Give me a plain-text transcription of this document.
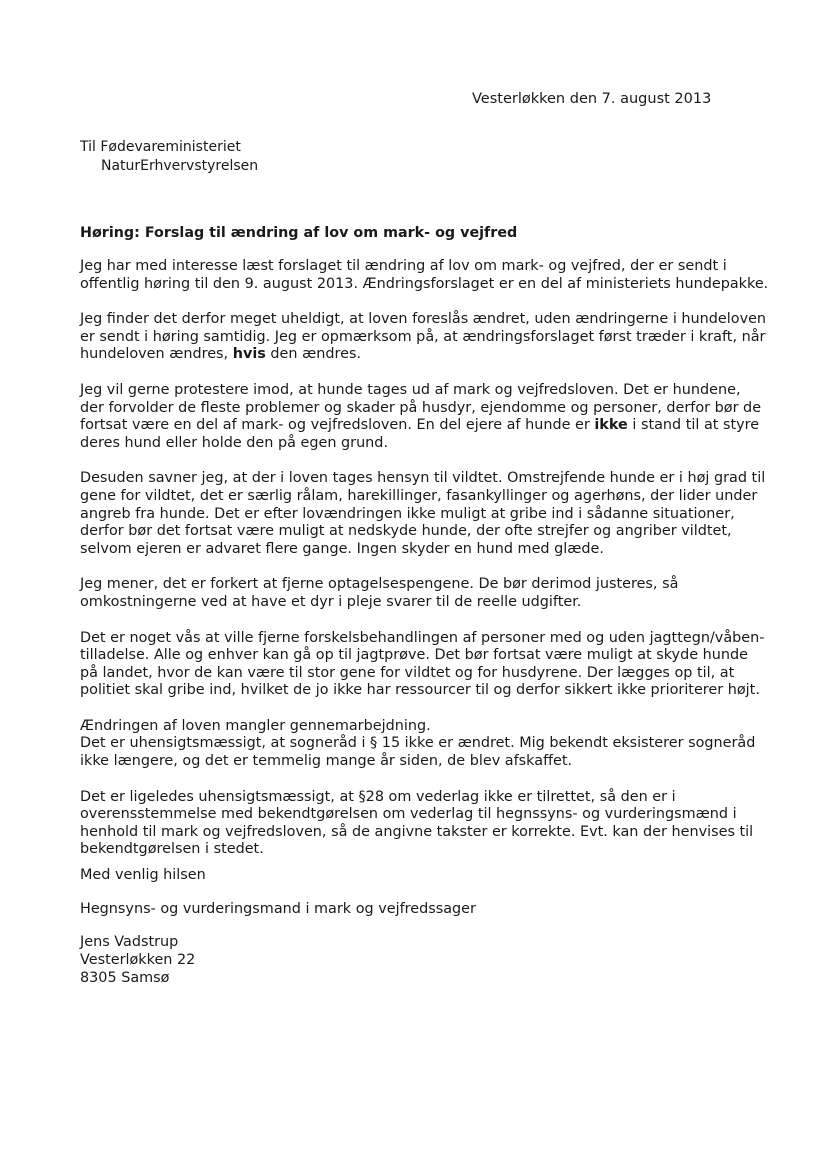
Vesterløkken den 7. august 2013
Til Fødevareministeriet
NaturErhvervstyrelsen
Høring: Forslag til ændring af lov om mark- og vejfred

Jeg har med interesse læst forslaget til ændring af lov om mark- og vejfred, der er sendt i
offentlig høring til den 9. august 2013. Ændringsforslaget er en del af ministeriets hundepakke.

Jeg finder det derfor meget uheldigt, at loven foreslås ændret, uden ændringerne i hundeloven
er sendt i høring samtidig. Jeg er opmærksom på, at ændringsforslaget først træder i kraft, når
hundeloven ændres, hvis den ændres.

Jeg vil gerne protestere imod, at hunde tages ud af mark og vejfredsloven. Det er hundene,
der forvolder de fleste problemer og skader på husdyr, ejendomme og personer, derfor bør de
fortsat være en del af mark- og vejfredsloven. En del ejere af hunde er ikke i stand til at styre
deres hund eller holde den på egen grund.

Desuden savner jeg, at der i loven tages hensyn til vildtet. Omstrejfende hunde er i høj grad til
gene for vildtet, det er særlig rålam, harekillinger, fasankyllinger og agerhøns, der lider under
angreb fra hunde. Det er efter lovændringen ikke muligt at gribe ind i sådanne situationer,
derfor bør det fortsat være muligt at nedskyde hunde, der ofte strejfer og angriber vildtet,
selvom ejeren er advaret flere gange. Ingen skyder en hund med glæde.

Jeg mener, det er forkert at fjerne optagelsespengene. De bør derimod justeres, så
omkostningerne ved at have et dyr i pleje svarer til de reelle udgifter.

Det er noget vås at ville fjerne forskelsbehandlingen af personer med og uden jagttegn/våben-
tilladelse. Alle og enhver kan gå op til jagtprøve. Det bør fortsat være muligt at skyde hunde
på landet, hvor de kan være til stor gene for vildtet og for husdyrene. Der lægges op til, at
politiet skal gribe ind, hvilket de jo ikke har ressourcer til og derfor sikkert ikke prioriterer højt.

Ændringen af loven mangler gennemarbejdning.
Det er uhensigtsmæssigt, at sogneråd i § 15 ikke er ændret. Mig bekendt eksisterer sogneråd
ikke længere, og det er temmelig mange år siden, de blev afskaffet.

Det er ligeledes uhensigtsmæssigt, at §28 om vederlag ikke er tilrettet, så den er i
overensstemmelse med bekendtgørelsen om vederlag til hegnssyns- og vurderingsmænd i
henhold til mark og vejfredsloven, så de angivne takster er korrekte. Evt. kan der henvises til
bekendtgørelsen i stedet.

Med venlig hilsen
Hegnsyns- og vurderingsmand i mark og vejfredssager
Jens Vadstrup
Vesterløkken 22
8305 Samsø
